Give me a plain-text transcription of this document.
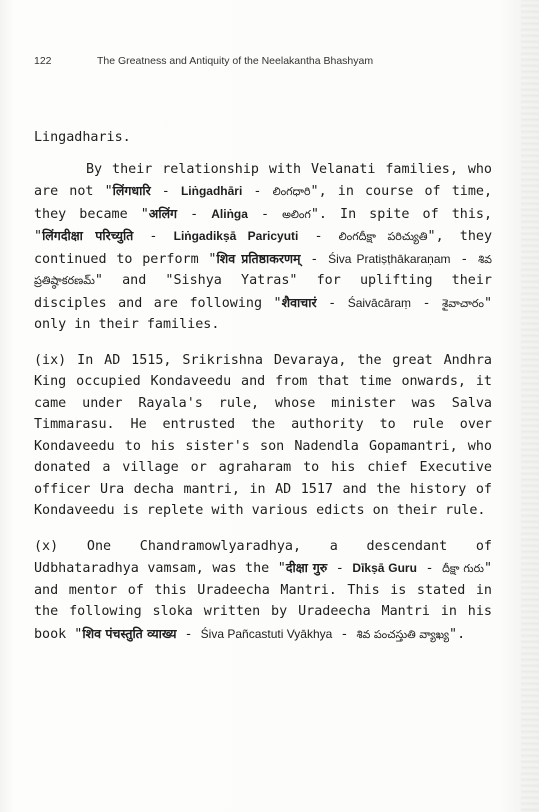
122	The Greatness and Antiquity of the Neelakantha Bhashyam

Lingadharis.

By their relationship with Velanati families, who are not "लिंगधारि - Liṅgadhāri - లింగధారి", in course of time, they became "अलिंग - Aliṅga - అలింగ". In spite of this, "लिंगदीक्षा परिच्युति - Liṅgadikṣā Paricyuti - లింగదీక్షా పరిచ్యుతి", they continued to perform "शिव प्रतिष्ठाकरणम् - Śiva Pratiṣṭhākaraṇam - శివ ప్రతిష్ఠాకరణమ్" and "Sishya Yatras" for uplifting their disciples and are following "शैवाचारं - Śaivācāraṃ - శైవాచారం" only in their families.

(ix) In AD 1515, Srikrishna Devaraya, the great Andhra King occupied Kondaveedu and from that time onwards, it came under Rayala's rule, whose minister was Salva Timmarasu. He entrusted the authority to rule over Kondaveedu to his sister's son Nadendla Gopamantri, who donated a village or agraharam to his chief Executive officer Ura decha mantri, in AD 1517 and the history of Kondaveedu is replete with various edicts on their rule.

(x) One Chandramowlyaradhya, a descendant of Udbhataradhya vamsam, was the "दीक्षा गुरु - Dīkṣā Guru - దీక్షా గురు" and mentor of this Uradeecha Mantri. This is stated in the following sloka written by Uradeecha Mantri in his book "शिव पंचस्तुति व्याख्य - Śiva Pañcastuti Vyākhya - శివ పంచస్తుతి వ్యాఖ్య".
